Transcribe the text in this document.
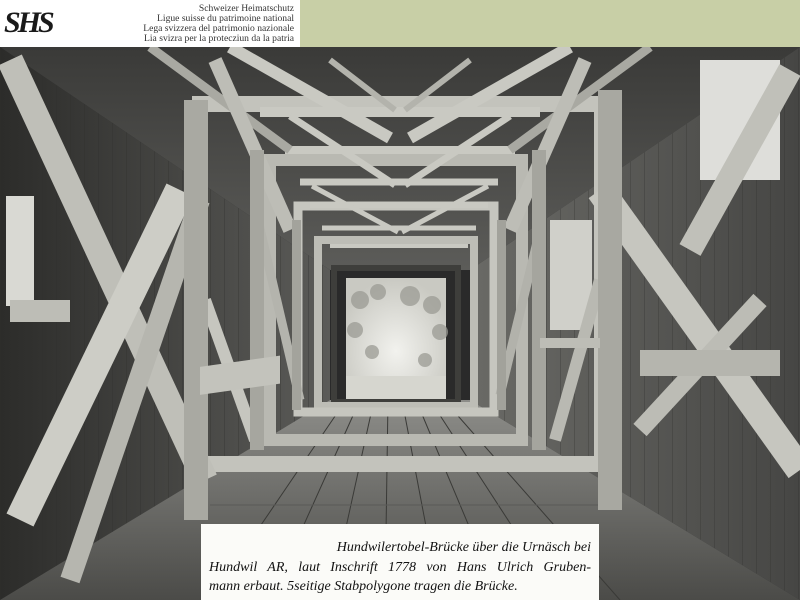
SHS	Schweizer Heimatschutz
Ligue suisse du patrimoine national
Lega svizzera del patrimonio nazionale
Lia svizra per la protecziun da la patria
Hundwilertobel-Brücke über die Urnäsch bei
Hundwil AR, laut Inschrift 1778 von Hans Ulrich Gruben-
mann erbaut. 5seitige Stabpolygone tragen die Brücke.
